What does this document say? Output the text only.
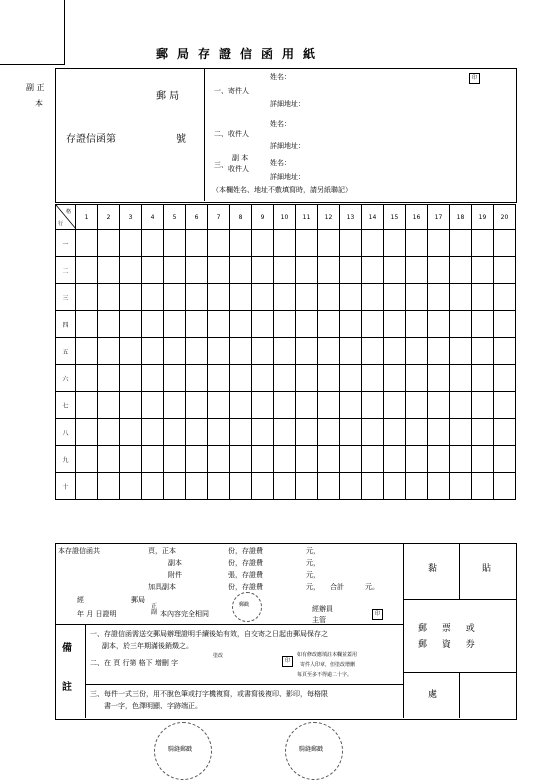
郵局存證信函用紙
副 正
本
郵 局
存證信函第	號
姓名：	印
一、寄件人
詳細地址：
姓名：
二、收件人
詳細地址：
三、
副 本
收件人
姓名：
詳細地址：
（本欄姓名、地址不敷填寫時，請另紙聯記）
格
行	1	2	3	4	5	6	7	8	9	10	11	12	13	14	15	16	17	18	19	20
一																				
二																				
三																				
四																				
五																				
六																				
七																				
八																				
九																				
十																				
本存證信函共	頁，正本	份，存證費	元，
副本	份，存證費	元，
附件	張，存證費	元，
加具副本	份，存證費	元， 合計	元。
經	郵局
年 月 日證明
正
副 本內容完全相同
郵戳	經辦員
主管
印
備
註
一、存證信函需送交郵局辦理證明手續後始有效，自交寄之日起由郵局保存之
副本，於三年期滿後銷燬之。
二、在 頁 行第 格下 增刪 字
塗改
印
如有修改應填註本欄並蓋用
寄件人印章，但塗改增刪
每頁至多不得逾二十字。
三、每件一式三份，用不脫色筆或打字機複寫，或書寫後複印、影印，每格限
書一字，色澤明顯、字跡端正。
黏	貼
郵 票 或
郵 資 券
處
騎縫郵戳	騎縫郵戳
